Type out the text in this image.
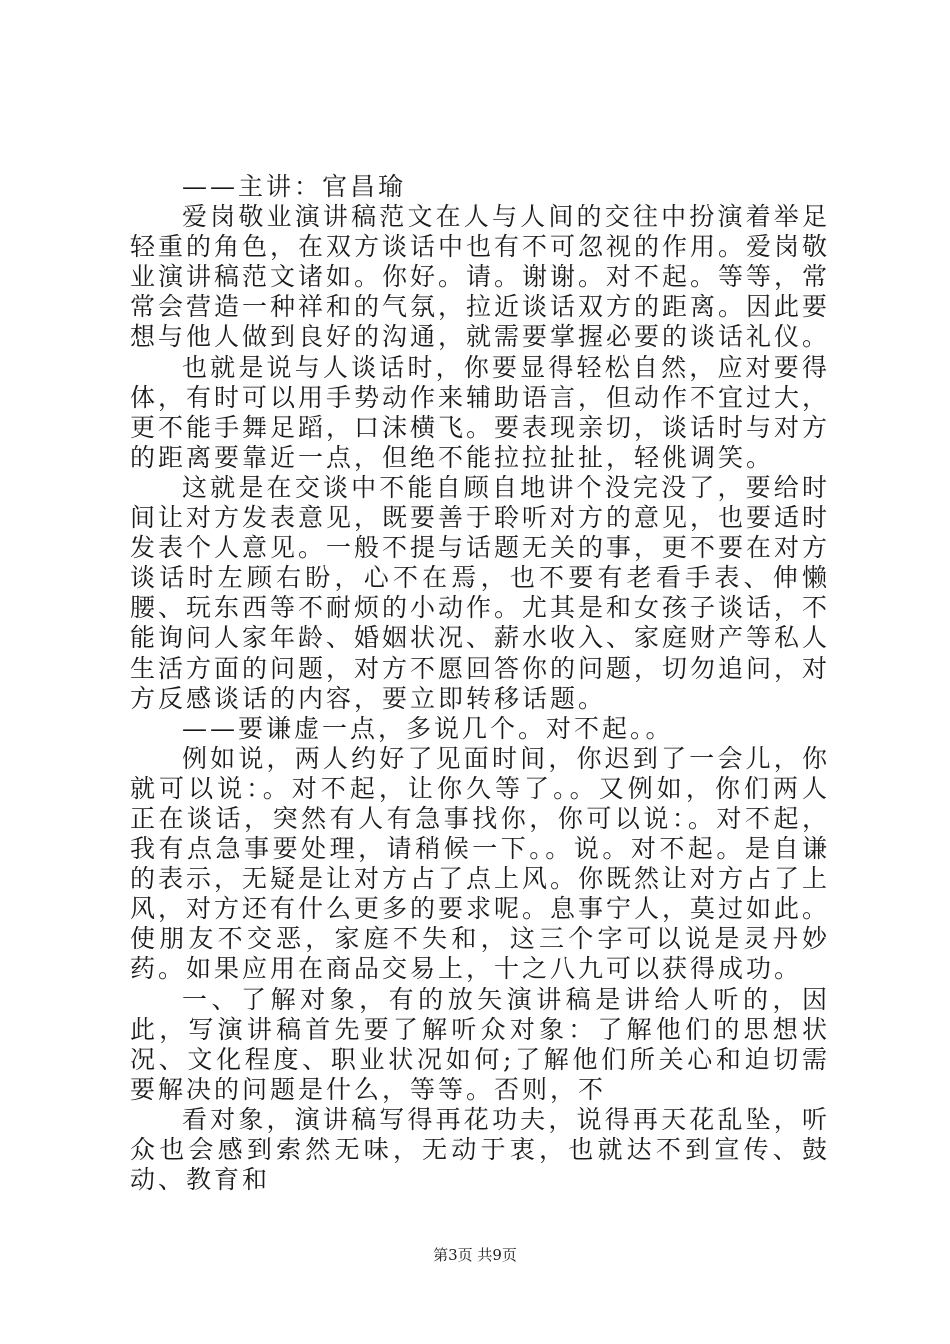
——主讲：官昌瑜

爱岗敬业演讲稿范文在人与人间的交往中扮演着举足轻重的角色，在双方谈话中也有不可忽视的作用。爱岗敬业演讲稿范文诸如。你好。请。谢谢。对不起。等等，常常会营造一种祥和的气氛，拉近谈话双方的距离。因此要想与他人做到良好的沟通，就需要掌握必要的谈话礼仪。

也就是说与人谈话时，你要显得轻松自然，应对要得体，有时可以用手势动作来辅助语言，但动作不宜过大，更不能手舞足蹈，口沫横飞。要表现亲切，谈话时与对方的距离要靠近一点，但绝不能拉拉扯扯，轻佻调笑。

这就是在交谈中不能自顾自地讲个没完没了，要给时间让对方发表意见，既要善于聆听对方的意见，也要适时发表个人意见。一般不提与话题无关的事，更不要在对方谈话时左顾右盼，心不在焉，也不要有老看手表、伸懒腰、玩东西等不耐烦的小动作。尤其是和女孩子谈话，不能询问人家年龄、婚姻状况、薪水收入、家庭财产等私人生活方面的问题，对方不愿回答你的问题，切勿追问，对方反感谈话的内容，要立即转移话题。

——要谦虚一点，多说几个。对不起。。

例如说，两人约好了见面时间，你迟到了一会儿，你就可以说：。对不起，让你久等了。。又例如，你们两人正在谈话，突然有人有急事找你，你可以说：。对不起，我有点急事要处理，请稍候一下。。说。对不起。是自谦的表示，无疑是让对方占了点上风。你既然让对方占了上风，对方还有什么更多的要求呢。息事宁人，莫过如此。使朋友不交恶，家庭不失和，这三个字可以说是灵丹妙药。如果应用在商品交易上，十之八九可以获得成功。

一、了解对象，有的放矢演讲稿是讲给人听的，因此，写演讲稿首先要了解听众对象：了解他们的思想状况、文化程度、职业状况如何;了解他们所关心和迫切需要解决的问题是什么，等等。否则，不

看对象，演讲稿写得再花功夫，说得再天花乱坠，听众也会感到索然无味，无动于衷，也就达不到宣传、鼓动、教育和

第3页 共9页
